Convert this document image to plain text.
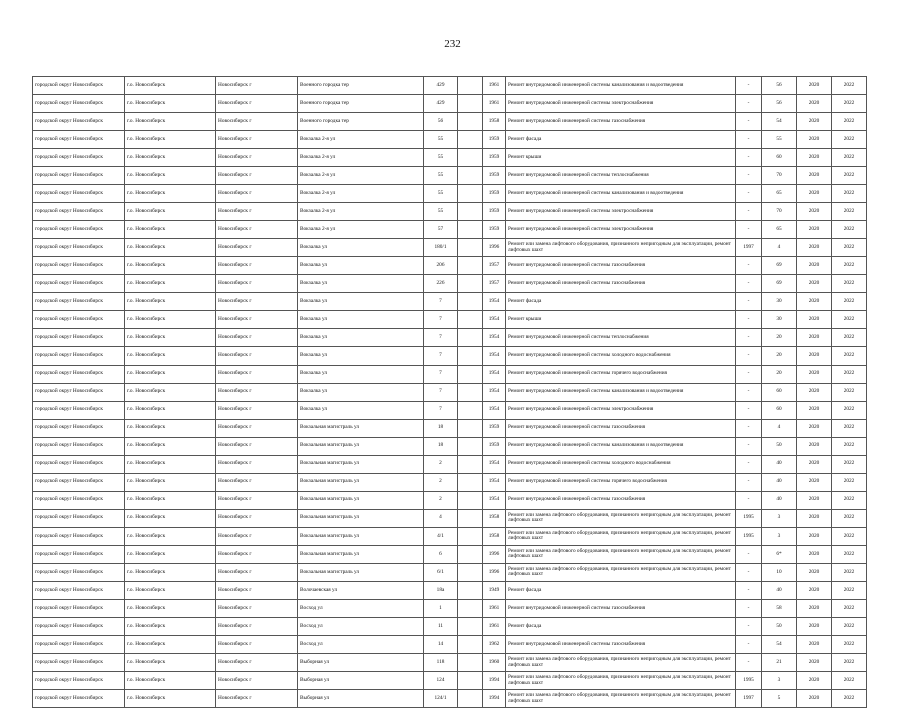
232
городской округ Новосибирск	г.о. Новосибирск	Новосибирск г	Военного городка тер	429		1961	Ремонт внутридомовой инженерной системы канализования и водоотведения	-	56	2020	2022
городской округ Новосибирск	г.о. Новосибирск	Новосибирск г	Военного городка тер	429		1961	Ремонт внутридомовой инженерной системы электроснабжения	-	56	2020	2022
городской округ Новосибирск	г.о. Новосибирск	Новосибирск г	Военного городка тер	56		1958	Ремонт внутридомовой инженерной системы газоснабжения	-	54	2020	2022
городской округ Новосибирск	г.о. Новосибирск	Новосибирск г	Вокзалка 2-я ул	55		1959	Ремонт фасада	-	55	2020	2022
городской округ Новосибирск	г.о. Новосибирск	Новосибирск г	Вокзалка 2-я ул	55		1959	Ремонт крыши	-	60	2020	2022
городской округ Новосибирск	г.о. Новосибирск	Новосибирск г	Вокзалка 2-я ул	55		1959	Ремонт внутридомовой инженерной системы теплоснабжения	-	70	2020	2022
городской округ Новосибирск	г.о. Новосибирск	Новосибирск г	Вокзалка 2-я ул	55		1959	Ремонт внутридомовой инженерной системы канализования и водоотведения	-	65	2020	2022
городской округ Новосибирск	г.о. Новосибирск	Новосибирск г	Вокзалка 2-я ул	55		1959	Ремонт внутридомовой инженерной системы электроснабжения	-	70	2020	2022
городской округ Новосибирск	г.о. Новосибирск	Новосибирск г	Вокзалка 2-я ул	57		1959	Ремонт внутридомовой инженерной системы электроснабжения	-	65	2020	2022
городской округ Новосибирск	г.о. Новосибирск	Новосибирск г	Вокзалка ул	180/1		1996	Ремонт или замена лифтового оборудования, признанного непригодным для эксплуатации, ремонт лифтовых шахт	1997	4	2020	2022
городской округ Новосибирск	г.о. Новосибирск	Новосибирск г	Вокзалка ул	206		1957	Ремонт внутридомовой инженерной системы газоснабжения	-	69	2020	2022
городской округ Новосибирск	г.о. Новосибирск	Новосибирск г	Вокзалка ул	226		1957	Ремонт внутридомовой инженерной системы газоснабжения	-	69	2020	2022
городской округ Новосибирск	г.о. Новосибирск	Новосибирск г	Вокзалка ул	7		1954	Ремонт фасада	-	30	2020	2022
городской округ Новосибирск	г.о. Новосибирск	Новосибирск г	Вокзалка ул	7		1954	Ремонт крыши	-	30	2020	2022
городской округ Новосибирск	г.о. Новосибирск	Новосибирск г	Вокзалка ул	7		1954	Ремонт внутридомовой инженерной системы теплоснабжения	-	20	2020	2022
городской округ Новосибирск	г.о. Новосибирск	Новосибирск г	Вокзалка ул	7		1954	Ремонт внутридомовой инженерной системы холодного водоснабжения	-	20	2020	2022
городской округ Новосибирск	г.о. Новосибирск	Новосибирск г	Вокзалка ул	7		1954	Ремонт внутридомовой инженерной системы горячего водоснабжения	-	20	2020	2022
городской округ Новосибирск	г.о. Новосибирск	Новосибирск г	Вокзалка ул	7		1954	Ремонт внутридомовой инженерной системы канализования и водоотведения	-	60	2020	2022
городской округ Новосибирск	г.о. Новосибирск	Новосибирск г	Вокзалка ул	7		1954	Ремонт внутридомовой инженерной системы электроснабжения	-	60	2020	2022
городской округ Новосибирск	г.о. Новосибирск	Новосибирск г	Вокзальная магистраль ул	18		1959	Ремонт внутридомовой инженерной системы газоснабжения	-	4	2020	2022
городской округ Новосибирск	г.о. Новосибирск	Новосибирск г	Вокзальная магистраль ул	18		1959	Ремонт внутридомовой инженерной системы канализования и водоотведения	-	50	2020	2022
городской округ Новосибирск	г.о. Новосибирск	Новосибирск г	Вокзальная магистраль ул	2		1954	Ремонт внутридомовой инженерной системы холодного водоснабжения	-	40	2020	2022
городской округ Новосибирск	г.о. Новосибирск	Новосибирск г	Вокзальная магистраль ул	2		1954	Ремонт внутридомовой инженерной системы горячего водоснабжения	-	40	2020	2022
городской округ Новосибирск	г.о. Новосибирск	Новосибирск г	Вокзальная магистраль ул	2		1954	Ремонт внутридомовой инженерной системы газоснабжения	-	40	2020	2022
городской округ Новосибирск	г.о. Новосибирск	Новосибирск г	Вокзальная магистраль ул	4		1958	Ремонт или замена лифтового оборудования, признанного непригодным для эксплуатации, ремонт лифтовых шахт	1995	3	2020	2022
городской округ Новосибирск	г.о. Новосибирск	Новосибирск г	Вокзальная магистраль ул	4/1		1958	Ремонт или замена лифтового оборудования, признанного непригодным для эксплуатации, ремонт лифтовых шахт	1995	3	2020	2022
городской округ Новосибирск	г.о. Новосибирск	Новосибирск г	Вокзальная магистраль ул	6		1996	Ремонт или замена лифтового оборудования, признанного непригодным для эксплуатации, ремонт лифтовых шахт	-	6*	2020	2022
городской округ Новосибирск	г.о. Новосибирск	Новосибирск г	Вокзальная магистраль ул	6/1		1996	Ремонт или замена лифтового оборудования, признанного непригодным для эксплуатации, ремонт лифтовых шахт	-	10	2020	2022
городской округ Новосибирск	г.о. Новосибирск	Новосибирск г	Волочаевская ул	18а		1949	Ремонт фасада	-	40	2020	2022
городской округ Новосибирск	г.о. Новосибирск	Новосибирск г	Восход ул	1		1961	Ремонт внутридомовой инженерной системы газоснабжения	-	58	2020	2022
городской округ Новосибирск	г.о. Новосибирск	Новосибирск г	Восход ул	11		1961	Ремонт фасада	-	50	2020	2022
городской округ Новосибирск	г.о. Новосибирск	Новосибирск г	Восход ул	14		1962	Ремонт внутридомовой инженерной системы газоснабжения	-	54	2020	2022
городской округ Новосибирск	г.о. Новосибирск	Новосибирск г	Выборная ул	118		1960	Ремонт или замена лифтового оборудования, признанного непригодным для эксплуатации, ремонт лифтовых шахт	-	21	2020	2022
городской округ Новосибирск	г.о. Новосибирск	Новосибирск г	Выборная ул	124		1994	Ремонт или замена лифтового оборудования, признанного непригодным для эксплуатации, ремонт лифтовых шахт	1995	3	2020	2022
городской округ Новосибирск	г.о. Новосибирск	Новосибирск г	Выборная ул	124/1		1994	Ремонт или замена лифтового оборудования, признанного непригодным для эксплуатации, ремонт лифтовых шахт	1997	5	2020	2022
